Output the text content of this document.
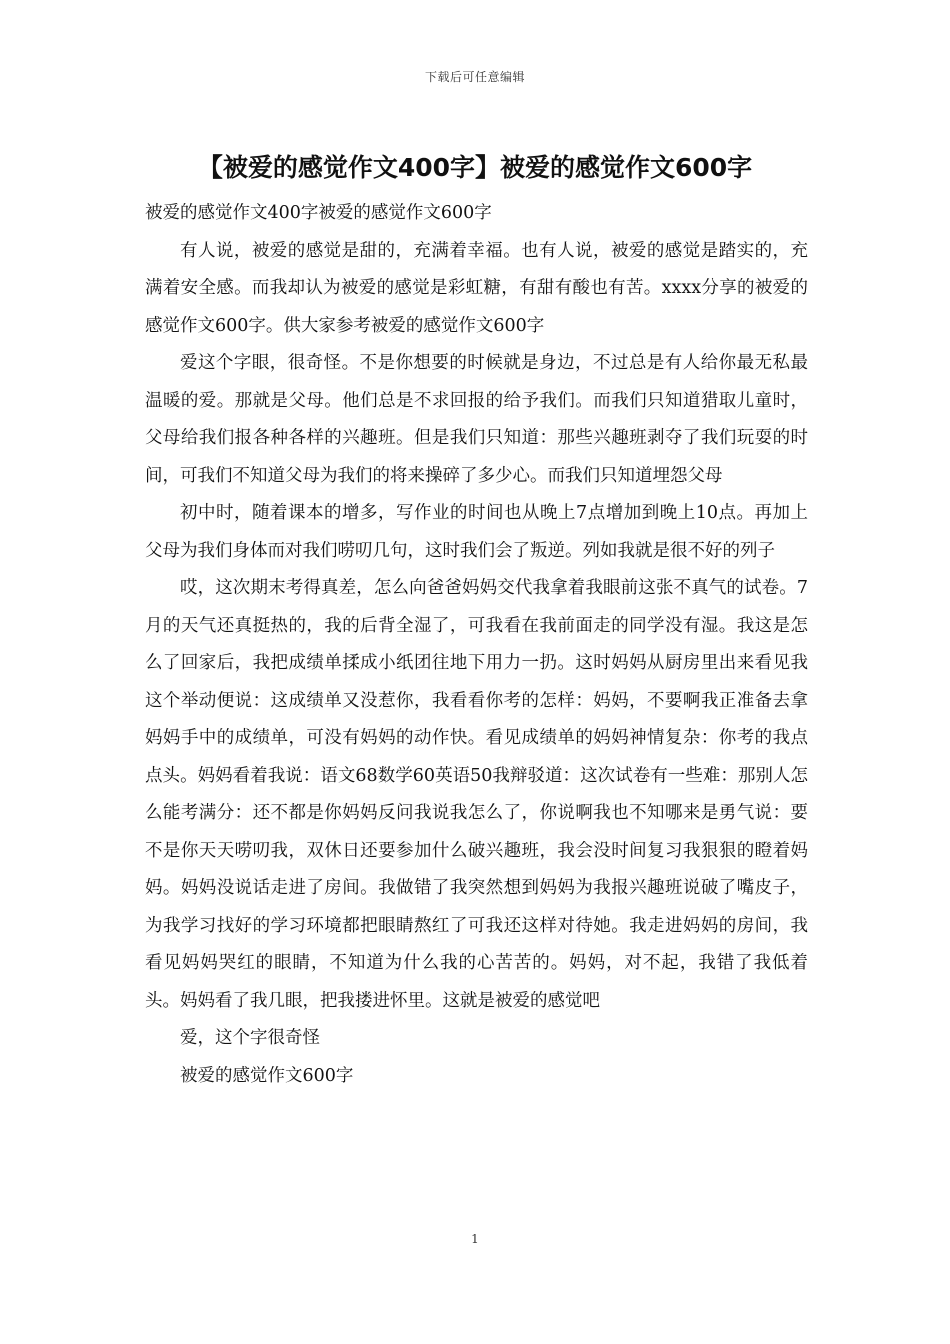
下载后可任意编辑
【被爱的感觉作文400字】被爱的感觉作文600字

被爱的感觉作文400字被爱的感觉作文600字

有人说，被爱的感觉是甜的，充满着幸福。也有人说，被爱的感觉是踏实的，充满着安全感。而我却认为被爱的感觉是彩虹糖，有甜有酸也有苦。xxxx分享的被爱的感觉作文600字。供大家参考被爱的感觉作文600字

爱这个字眼，很奇怪。不是你想要的时候就是身边，不过总是有人给你最无私最温暖的爱。那就是父母。他们总是不求回报的给予我们。而我们只知道猎取儿童时，父母给我们报各种各样的兴趣班。但是我们只知道：那些兴趣班剥夺了我们玩耍的时间，可我们不知道父母为我们的将来操碎了多少心。而我们只知道埋怨父母

初中时，随着课本的增多，写作业的时间也从晚上7点增加到晚上10点。再加上父母为我们身体而对我们唠叨几句，这时我们会了叛逆。列如我就是很不好的列子

哎，这次期末考得真差，怎么向爸爸妈妈交代我拿着我眼前这张不真气的试卷。7月的天气还真挺热的，我的后背全湿了，可我看在我前面走的同学没有湿。我这是怎么了回家后，我把成绩单揉成小纸团往地下用力一扔。这时妈妈从厨房里出来看见我这个举动便说：这成绩单又没惹你，我看看你考的怎样：妈妈，不要啊我正准备去拿妈妈手中的成绩单，可没有妈妈的动作快。看见成绩单的妈妈神情复杂：你考的我点点头。妈妈看着我说：语文68数学60英语50我辩驳道：这次试卷有一些难：那别人怎么能考满分：还不都是你妈妈反问我说我怎么了，你说啊我也不知哪来是勇气说：要不是你天天唠叨我，双休日还要参加什么破兴趣班，我会没时间复习我狠狠的瞪着妈妈。妈妈没说话走进了房间。我做错了我突然想到妈妈为我报兴趣班说破了嘴皮子，为我学习找好的学习环境都把眼睛熬红了可我还这样对待她。我走进妈妈的房间，我看见妈妈哭红的眼睛，不知道为什么我的心苦苦的。妈妈，对不起，我错了我低着头。妈妈看了我几眼，把我搂进怀里。这就是被爱的感觉吧

爱，这个字很奇怪

被爱的感觉作文600字

1
